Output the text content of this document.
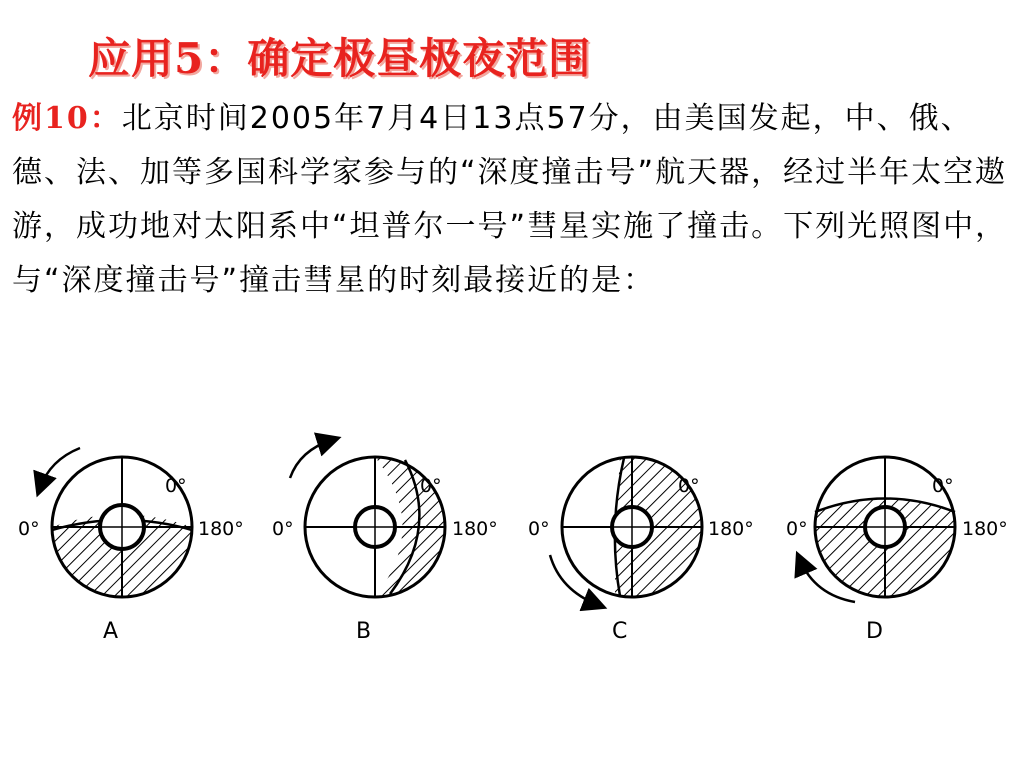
应用5：确定极昼极夜范围
例10：北京时间2005年7月4日13点57分，由美国发起，中、俄、德、法、加等多国科学家参与的“深度撞击号”航天器，经过半年太空遨游，成功地对太阳系中“坦普尔一号”彗星实施了撞击。下列光照图中，与“深度撞击号”撞击彗星的时刻最接近的是：
0°
0°
180°
A
0°
0°
180°
B
0°
0°
180°
C
0°
0°
180°
D
